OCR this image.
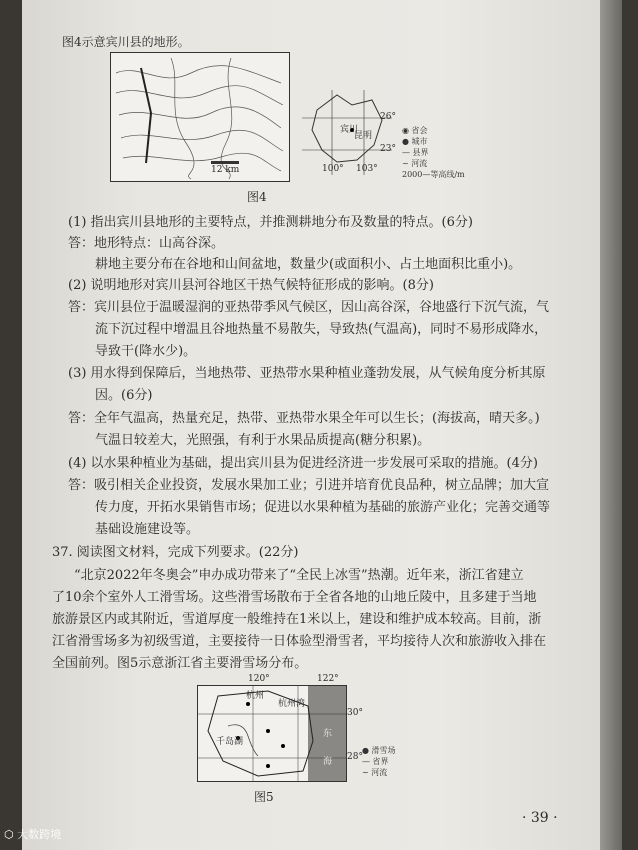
图4示意宾川县的地形。
12 km
宾川
昆明
26°
23°
100° 103°
◉ 省会
● 城市
— 县界
~ 河流
2000—等高线/m
图4
(1) 指出宾川县地形的主要特点，并推测耕地分布及数量的特点。(6分)
答：地形特点：山高谷深。
耕地主要分布在谷地和山间盆地，数量少(或面积小、占土地面积比重小)。
(2) 说明地形对宾川县河谷地区干热气候特征形成的影响。(8分)
答：宾川县位于温暖湿润的亚热带季风气候区，因山高谷深，谷地盛行下沉气流，气
流下沉过程中增温且谷地热量不易散失，导致热(气温高)，同时不易形成降水，
导致干(降水少)。
(3) 用水得到保障后，当地热带、亚热带水果种植业蓬勃发展，从气候角度分析其原
因。(6分)
答：全年气温高，热量充足，热带、亚热带水果全年可以生长；(海拔高，晴天多。)
气温日较差大，光照强，有利于水果品质提高(糖分积累)。
(4) 以水果种植业为基础，提出宾川县为促进经济进一步发展可采取的措施。(4分)
答：吸引相关企业投资，发展水果加工业；引进并培育优良品种，树立品牌；加大宣
传力度，开拓水果销售市场；促进以水果种植为基础的旅游产业化；完善交通等
基础设施建设等。
37. 阅读图文材料，完成下列要求。(22分)
“北京2022年冬奥会”申办成功带来了“全民上冰雪”热潮。近年来，浙江省建立
了10余个室外人工滑雪场。这些滑雪场散布于全省各地的山地丘陵中，且多建于当地
旅游景区内或其附近，雪道厚度一般维持在1米以上，建设和维护成本较高。目前，浙
江省滑雪场多为初级雪道，主要接待一日体验型滑雪者，平均接待人次和旅游收入排在
全国前列。图5示意浙江省主要滑雪场分布。
杭州
杭州湾
千岛湖
东
海
120°	122°
30°
28°
● 滑雪场
— 省界
~ 河流
图5
· 39 ·
⬡ 大数跨境
